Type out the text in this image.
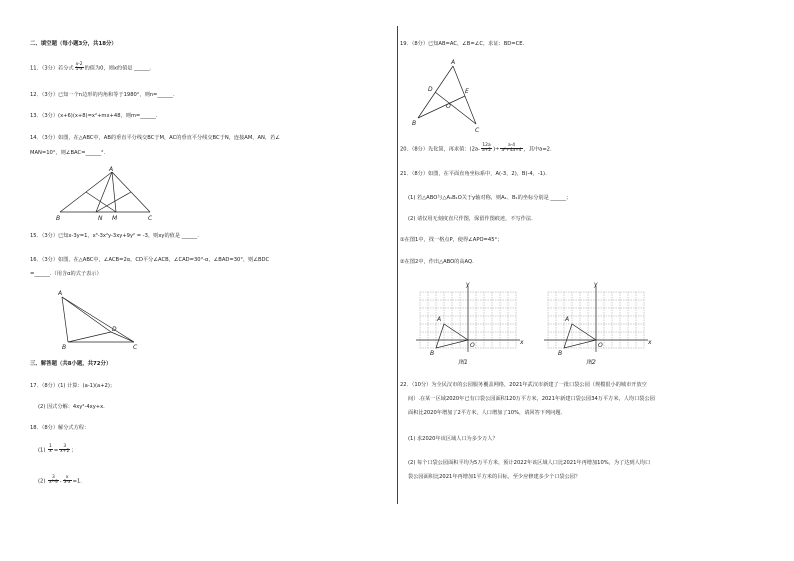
二、填空题（每小题3分，共18分）
11．（3分）若分式 $\frac{x-2}{1-x}$ 的值为0，则x的值是 ______.
12．（3分）已知一个n边形的内角和等于1980°，则n=______.
13．（3分）(x+6)(x+8)=x²+mx+48，则m=______.
14．（3分）如图，在△ABC中，AB的垂直平分线交BC于M，AC的垂直平分线交BC于N，连接AM、AN，若∠
MAN=10°，则∠BAC=______°.
A
B	N M	C
15．（3分）已知x-3y=1，x³-3x²y-3xy+9y² = -3，则xy的值是 ______.
16．（3分）如图，在△ABC中，∠ACB=2α，CD平分∠ACB，∠CAD=30°-α，∠BAD=30°，则∠BDC
=______.（用含α的式子表示）
A
D
B	C
三、解答题（共8小题，共72分）
17．（8分）(1) 计算：(a-1)(a+2)；
(2) 因式分解：4xy²-4xy+x.
18．（8分）解分式方程：
$(1) \frac{1}{x} = \frac{3}{x+2}$ ；
$(2) \frac{3}{\text{x²-9}} - \frac{x}{3-x} =1$.
19．（8分）已知AB=AC，∠B=∠C，求证：BD=CE.
A
D	E
O
B
C
20．（8分）先化简，再求值：($2a- \frac{12a}{a+2}$ )÷ $\frac{a-4}{\text{a²+4a+4}}$ ，其中a=2.
21．（8分）如图，在平面直角坐标系中，A(-3，2)，B(-4，-1).
(1) 若△ABO与△A₁B₁O关于y轴对称，则A₁、B₁的坐标分别是 ______；
(2) 请仅用无刻度直尺作图，保留作图痕迹，不写作法.
①在图1中，找一格点P，使得∠APO=45°；
②在图2中，作出△ABO的高AQ.
y
x
A
B
O
图1
y
x
A
B
O
图2
22．（10分）为全民汉市的公园服务覆盖网络，2021年武汉市新建了一批口袋公园（规模很小的城市开放空
间）.在某一区域2020年已有口袋公园面积120万平方米，2021年新建口袋公园34万平方米，人均口袋公园
面积比2020年增加了2平方米，人口增加了10%，请回答下列问题.
(1) 求2020年该区域人口为多少万人？
(2) 每个口袋公园面积平均为5万平方米，预计2022年该区域人口比2021年再增加10%，为了达到人均口
袋公园面积比2021年再增加1平方米的目标，至少应修建多少个口袋公园？
